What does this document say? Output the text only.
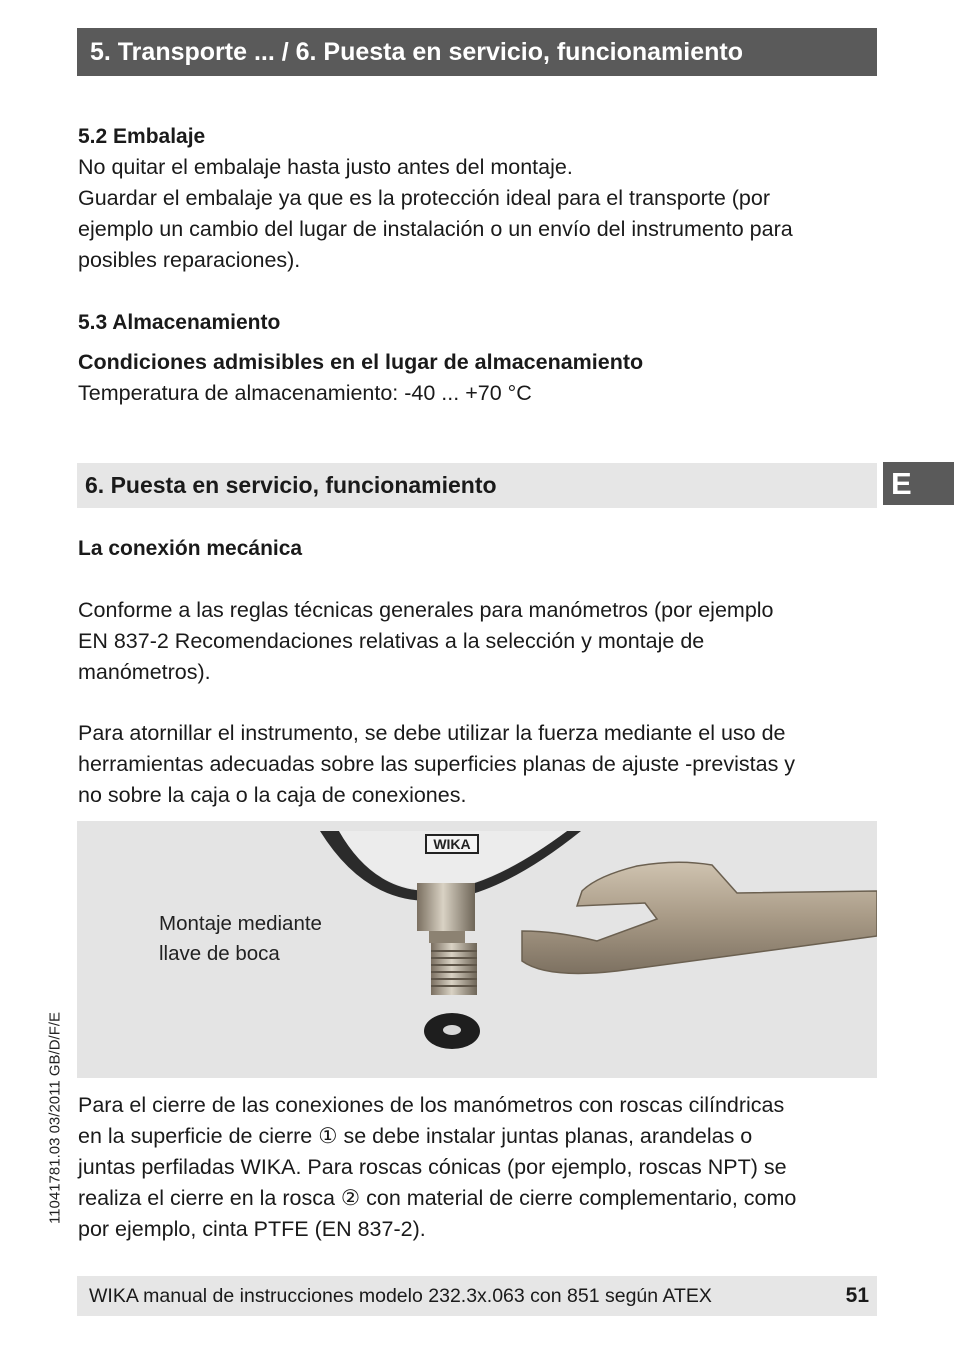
5. Transporte ... / 6. Puesta en servicio, funcionamiento
5.2 Embalaje

No quitar el embalaje hasta justo antes del montaje.

Guardar el embalaje ya que es la protección ideal para el transporte (por

ejemplo un cambio del lugar de instalación o un envío del instrumento para

posibles reparaciones).

5.3 Almacenamiento
Condiciones admisibles en el lugar de almacenamiento
Temperatura de almacenamiento: -40 ... +70 °C
6. Puesta en servicio, funcionamiento	E
La conexión mecánica

Conforme a las reglas técnicas generales para manómetros (por ejemplo

EN 837-2 Recomendaciones relativas a la selección y montaje de

manómetros).

Para atornillar el instrumento, se debe utilizar la fuerza mediante el uso de

herramientas adecuadas sobre las superficies planas de ajuste -previstas y

no sobre la caja o la caja de conexiones.

Montaje mediante
llave de boca
WIKA

Para el cierre de las conexiones de los manómetros con roscas cilíndricas

en la superficie de cierre ① se debe instalar juntas planas, arandelas o

juntas perfiladas WIKA. Para roscas cónicas (por ejemplo, roscas NPT) se

realiza el cierre en la rosca ② con material de cierre complementario, como

por ejemplo, cinta PTFE (EN 837-2).

11041781.03 03/2011 GB/D/F/E
WIKA manual de instrucciones modelo 232.3x.063 con 851 según ATEX	51
